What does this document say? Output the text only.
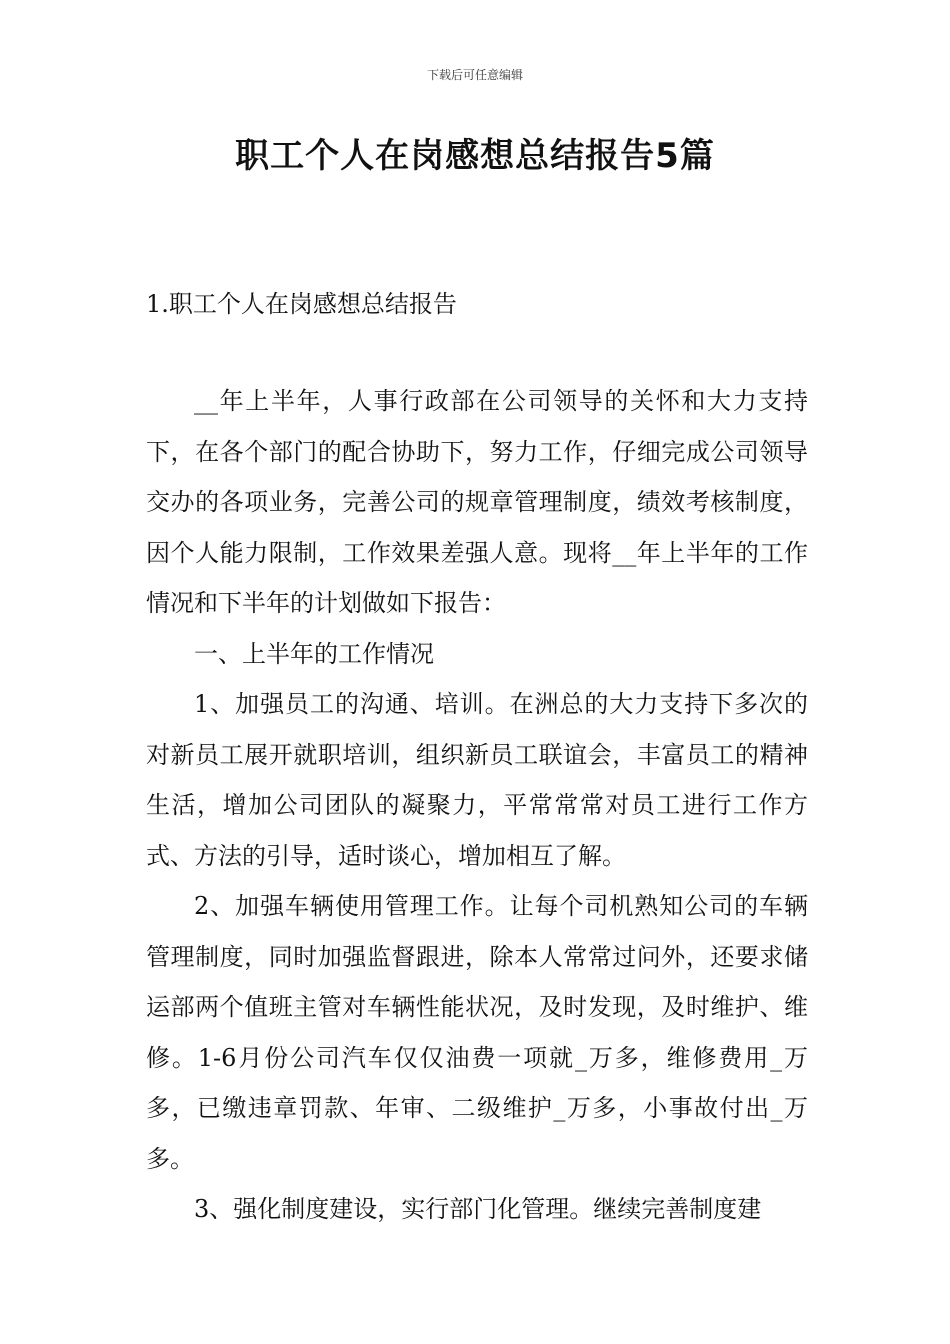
下载后可任意编辑
职工个人在岗感想总结报告5篇
1.职工个人在岗感想总结报告

__年上半年，人事行政部在公司领导的关怀和大力支持下，在各个部门的配合协助下，努力工作，仔细完成公司领导交办的各项业务，完善公司的规章管理制度，绩效考核制度，因个人能力限制，工作效果差强人意。现将__年上半年的工作情况和下半年的计划做如下报告：

一、上半年的工作情况

1、加强员工的沟通、培训。在洲总的大力支持下多次的对新员工展开就职培训，组织新员工联谊会，丰富员工的精神生活，增加公司团队的凝聚力，平常常常对员工进行工作方式、方法的引导，适时谈心，增加相互了解。

2、加强车辆使用管理工作。让每个司机熟知公司的车辆管理制度，同时加强监督跟进，除本人常常过问外，还要求储运部两个值班主管对车辆性能状况，及时发现，及时维护、维修。1-6月份公司汽车仅仅油费一项就_万多，维修费用_万多，已缴违章罚款、年审、二级维护_万多，小事故付出_万多。

3、强化制度建设，实行部门化管理。继续完善制度建
